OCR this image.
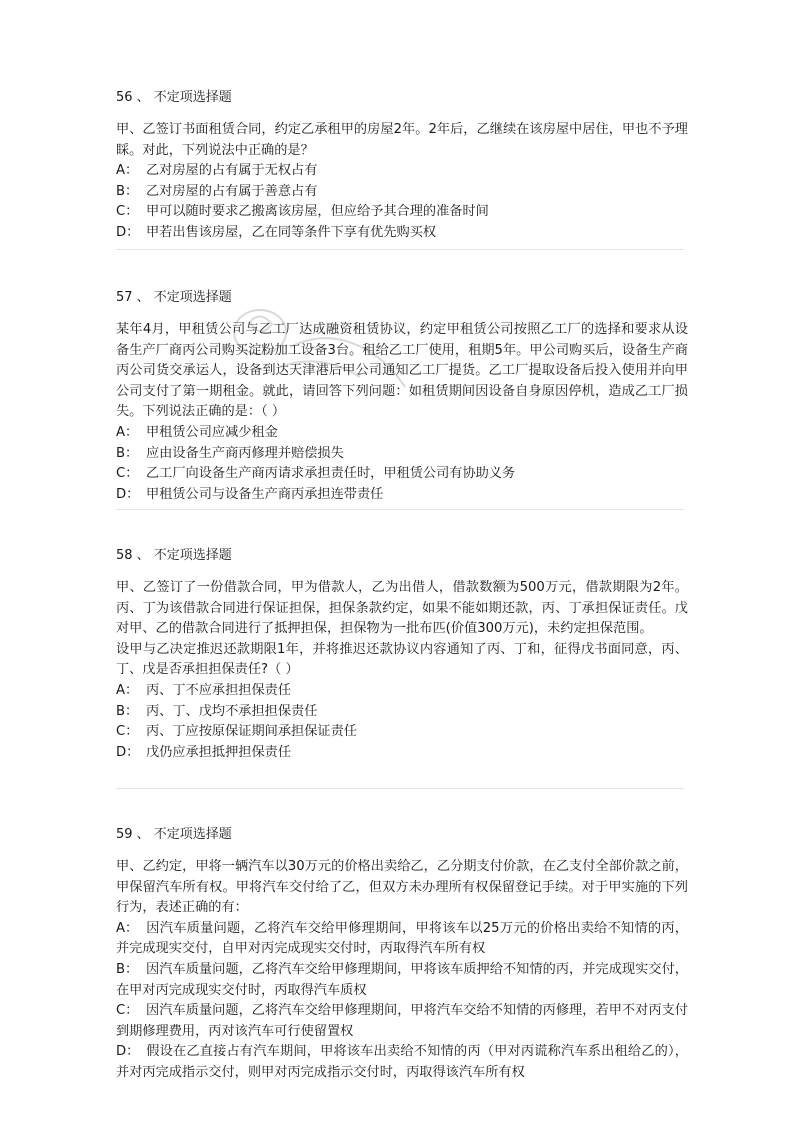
56 、 不定项选择题

甲、乙签订书面租赁合同，约定乙承租甲的房屋2年。2年后，乙继续在该房屋中居住，甲也不予理睬。对此，下列说法中正确的是？

A： 乙对房屋的占有属于无权占有
B： 乙对房屋的占有属于善意占有
C： 甲可以随时要求乙搬离该房屋，但应给予其合理的准备时间
D： 甲若出售该房屋，乙在同等条件下享有优先购买权
57 、 不定项选择题

某年4月，甲租赁公司与乙工厂达成融资租赁协议，约定甲租赁公司按照乙工厂的选择和要求从设备生产厂商丙公司购买淀粉加工设备3台。租给乙工厂使用，租期5年。甲公司购买后，设备生产商丙公司货交承运人，设备到达天津港后甲公司通知乙工厂提货。乙工厂提取设备后投入使用并向甲公司支付了第一期租金。就此，请回答下列问题：如租赁期间因设备自身原因停机，造成乙工厂损失。下列说法正确的是：（ ）

A： 甲租赁公司应减少租金
B： 应由设备生产商丙修理并赔偿损失
C： 乙工厂向设备生产商丙请求承担责任时，甲租赁公司有协助义务
D： 甲租赁公司与设备生产商丙承担连带责任
58 、 不定项选择题

甲、乙签订了一份借款合同，甲为借款人，乙为出借人，借款数额为500万元，借款期限为2年。丙、丁为该借款合同进行保证担保，担保条款约定，如果不能如期还款，丙、丁承担保证责任。戊对甲、乙的借款合同进行了抵押担保，担保物为一批布匹(价值300万元)，未约定担保范围。

设甲与乙决定推迟还款期限1年，并将推迟还款协议内容通知了丙、丁和，征得戊书面同意，丙、丁、戊是否承担担保责任?（ ）

A： 丙、丁不应承担担保责任
B： 丙、丁、戊均不承担担保责任
C： 丙、丁应按原保证期间承担保证责任
D： 戊仍应承担抵押担保责任
59 、 不定项选择题

甲、乙约定，甲将一辆汽车以30万元的价格出卖给乙，乙分期支付价款，在乙支付全部价款之前，甲保留汽车所有权。甲将汽车交付给了乙，但双方未办理所有权保留登记手续。对于甲实施的下列行为，表述正确的有：

A： 因汽车质量问题，乙将汽车交给甲修理期间，甲将该车以25万元的价格出卖给不知情的丙，并完成现实交付，自甲对丙完成现实交付时，丙取得汽车所有权
B： 因汽车质量问题，乙将汽车交给甲修理期间，甲将该车质押给不知情的丙，并完成现实交付，在甲对丙完成现实交付时，丙取得汽车质权
C： 因汽车质量问题，乙将汽车交给甲修理期间，甲将汽车交给不知情的丙修理，若甲不对丙支付到期修理费用，丙对该汽车可行使留置权
D： 假设在乙直接占有汽车期间，甲将该车出卖给不知情的丙（甲对丙谎称汽车系出租给乙的），并对丙完成指示交付，则甲对丙完成指示交付时，丙取得该汽车所有权
